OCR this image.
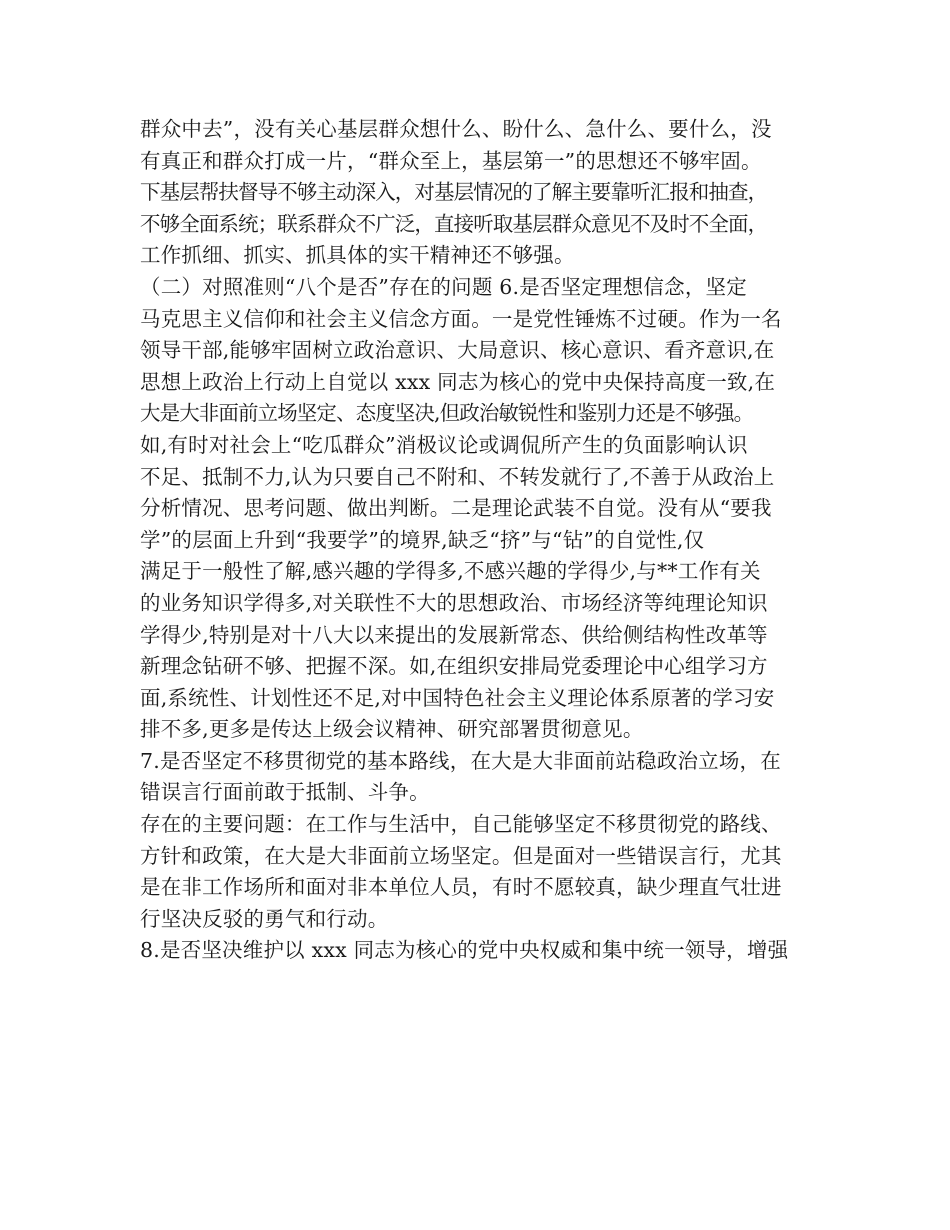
群众中去”，没有关心基层群众想什么、盼什么、急什么、要什么，没
有真正和群众打成一片，“群众至上，基层第一”的思想还不够牢固。
下基层帮扶督导不够主动深入，对基层情况的了解主要靠听汇报和抽查，
不够全面系统；联系群众不广泛，直接听取基层群众意见不及时不全面，
工作抓细、抓实、抓具体的实干精神还不够强。
（二）对照准则“八个是否”存在的问题 6.是否坚定理想信念，坚定
马克思主义信仰和社会主义信念方面。一是党性锤炼不过硬。作为一名
领导干部,能够牢固树立政治意识、大局意识、核心意识、看齐意识,在
思想上政治上行动上自觉以 xxx 同志为核心的党中央保持高度一致,在
大是大非面前立场坚定、态度坚决,但政治敏锐性和鉴别力还是不够强。
如,有时对社会上“吃瓜群众”消极议论或调侃所产生的负面影响认识
不足、抵制不力,认为只要自己不附和、不转发就行了,不善于从政治上
分析情况、思考问题、做出判断。二是理论武装不自觉。没有从“要我
学”的层面上升到“我要学”的境界,缺乏“挤”与“钻”的自觉性,仅
满足于一般性了解,感兴趣的学得多,不感兴趣的学得少,与**工作有关
的业务知识学得多,对关联性不大的思想政治、市场经济等纯理论知识
学得少,特别是对十八大以来提出的发展新常态、供给侧结构性改革等
新理念钻研不够、把握不深。如,在组织安排局党委理论中心组学习方
面,系统性、计划性还不足,对中国特色社会主义理论体系原著的学习安
排不多,更多是传达上级会议精神、研究部署贯彻意见。
7.是否坚定不移贯彻党的基本路线，在大是大非面前站稳政治立场，在
错误言行面前敢于抵制、斗争。
存在的主要问题：在工作与生活中，自己能够坚定不移贯彻党的路线、
方针和政策，在大是大非面前立场坚定。但是面对一些错误言行，尤其
是在非工作场所和面对非本单位人员，有时不愿较真，缺少理直气壮进
行坚决反驳的勇气和行动。
8.是否坚决维护以 xxx 同志为核心的党中央权威和集中统一领导，增强
